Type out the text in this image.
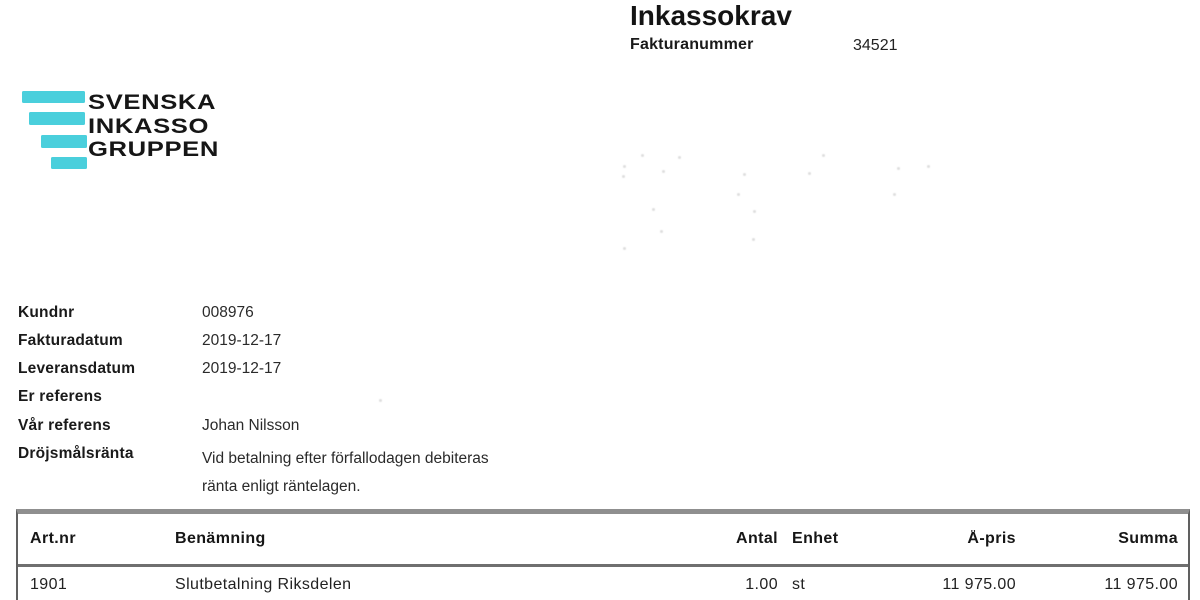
Inkassokrav
Fakturanummer	34521
SVENSKA
INKASSO
GRUPPEN
Kundnr	008976
Fakturadatum	2019-12-17
Leveransdatum	2019-12-17
Er referens
Vår referens	Johan Nilsson
Dröjsmålsränta	Vid betalning efter förfallodagen debiteras
ränta enligt räntelagen.
Art.nr	Benämning	Antal Enhet	Å-pris	Summa
1901	Slutbetalning Riksdelen	1.00 st	11 975.00	11 975.00
